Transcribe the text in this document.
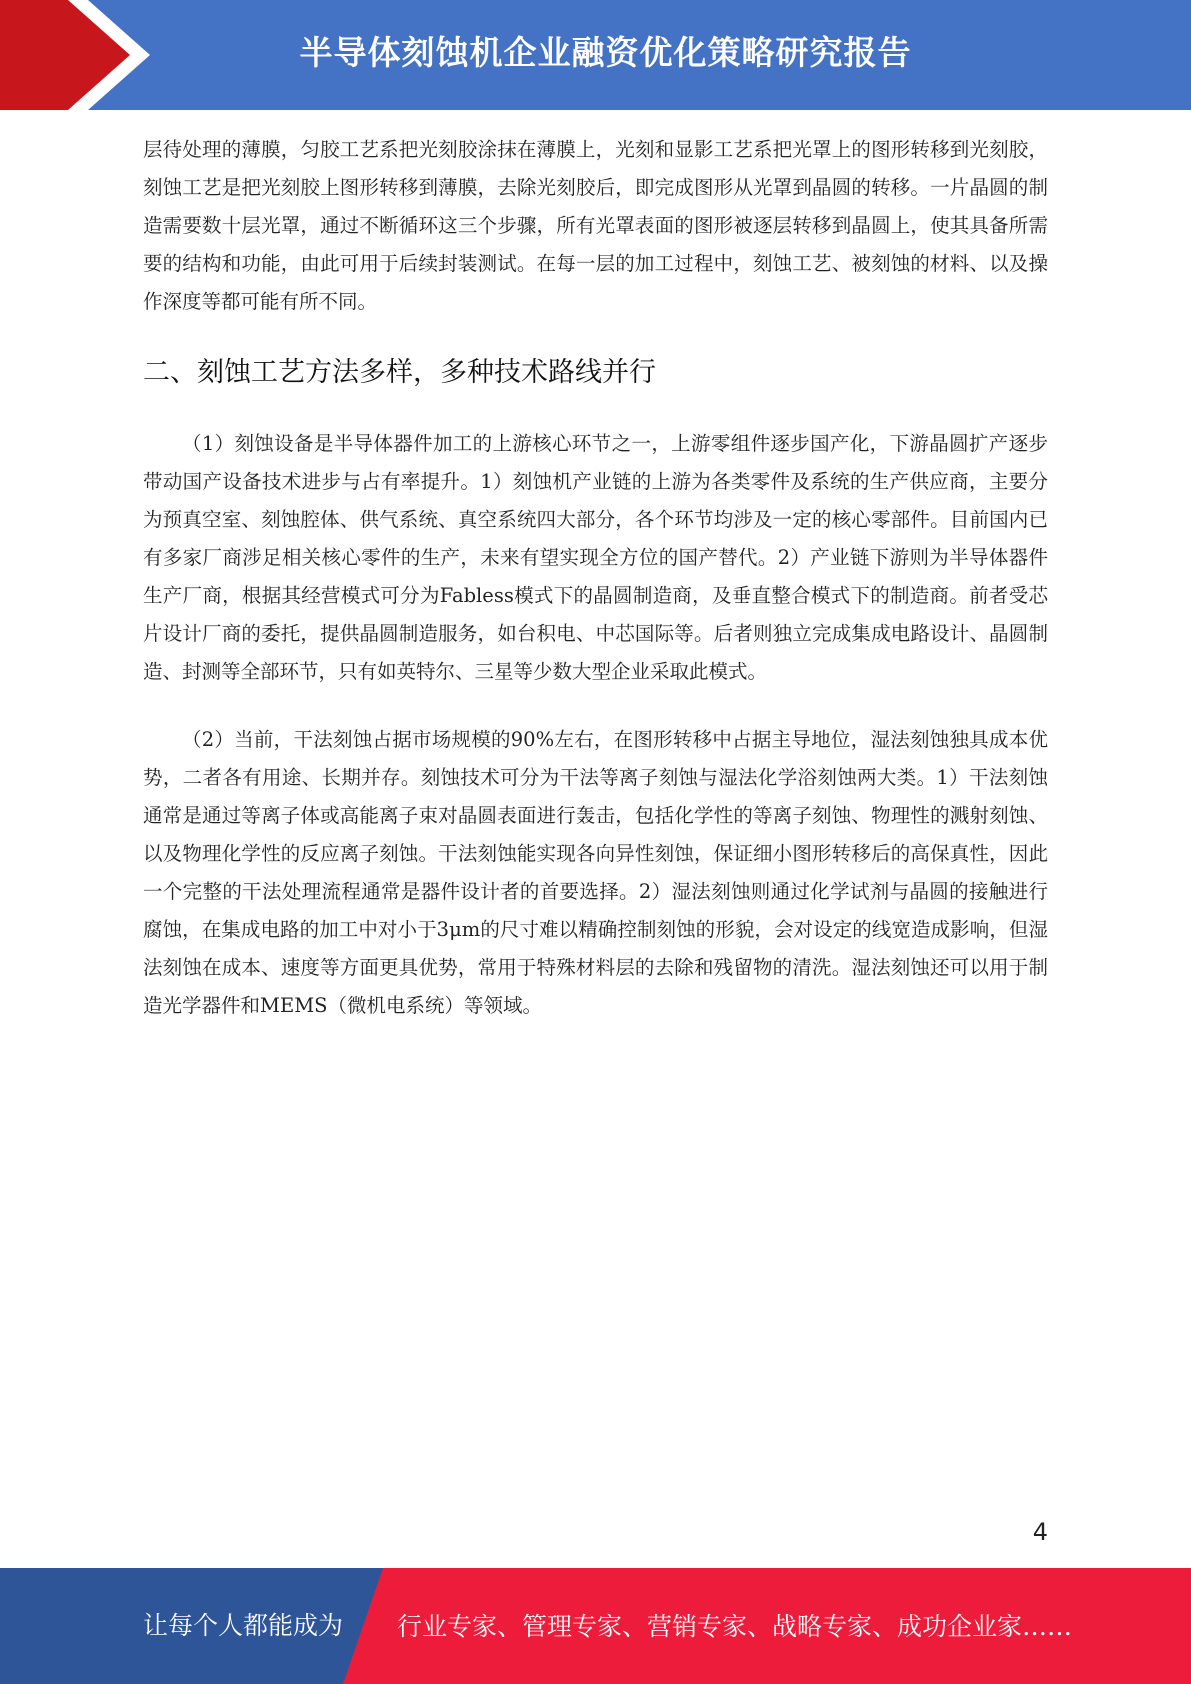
半导体刻蚀机企业融资优化策略研究报告

层待处理的薄膜，匀胶工艺系把光刻胶涂抹在薄膜上，光刻和显影工艺系把光罩上的图形转移到光刻胶，刻蚀工艺是把光刻胶上图形转移到薄膜，去除光刻胶后，即完成图形从光罩到晶圆的转移。一片晶圆的制造需要数十层光罩，通过不断循环这三个步骤，所有光罩表面的图形被逐层转移到晶圆上，使其具备所需要的结构和功能，由此可用于后续封装测试。在每一层的加工过程中，刻蚀工艺、被刻蚀的材料、以及操作深度等都可能有所不同。

二、刻蚀工艺方法多样，多种技术路线并行

（1）刻蚀设备是半导体器件加工的上游核心环节之一，上游零组件逐步国产化，下游晶圆扩产逐步带动国产设备技术进步与占有率提升。1）刻蚀机产业链的上游为各类零件及系统的生产供应商，主要分为预真空室、刻蚀腔体、供气系统、真空系统四大部分，各个环节均涉及一定的核心零部件。目前国内已有多家厂商涉足相关核心零件的生产，未来有望实现全方位的国产替代。2）产业链下游则为半导体器件生产厂商，根据其经营模式可分为Fabless模式下的晶圆制造商，及垂直整合模式下的制造商。前者受芯片设计厂商的委托，提供晶圆制造服务，如台积电、中芯国际等。后者则独立完成集成电路设计、晶圆制造、封测等全部环节，只有如英特尔、三星等少数大型企业采取此模式。

（2）当前，干法刻蚀占据市场规模的90%左右，在图形转移中占据主导地位，湿法刻蚀独具成本优势，二者各有用途、长期并存。刻蚀技术可分为干法等离子刻蚀与湿法化学浴刻蚀两大类。1）干法刻蚀通常是通过等离子体或高能离子束对晶圆表面进行轰击，包括化学性的等离子刻蚀、物理性的溅射刻蚀、以及物理化学性的反应离子刻蚀。干法刻蚀能实现各向异性刻蚀，保证细小图形转移后的高保真性，因此一个完整的干法处理流程通常是器件设计者的首要选择。2）湿法刻蚀则通过化学试剂与晶圆的接触进行腐蚀，在集成电路的加工中对小于3μm的尺寸难以精确控制刻蚀的形貌，会对设定的线宽造成影响，但湿法刻蚀在成本、速度等方面更具优势，常用于特殊材料层的去除和残留物的清洗。湿法刻蚀还可以用于制造光学器件和MEMS（微机电系统）等领域。

4
让每个人都能成为 行业专家、管理专家、营销专家、战略专家、成功企业家……
